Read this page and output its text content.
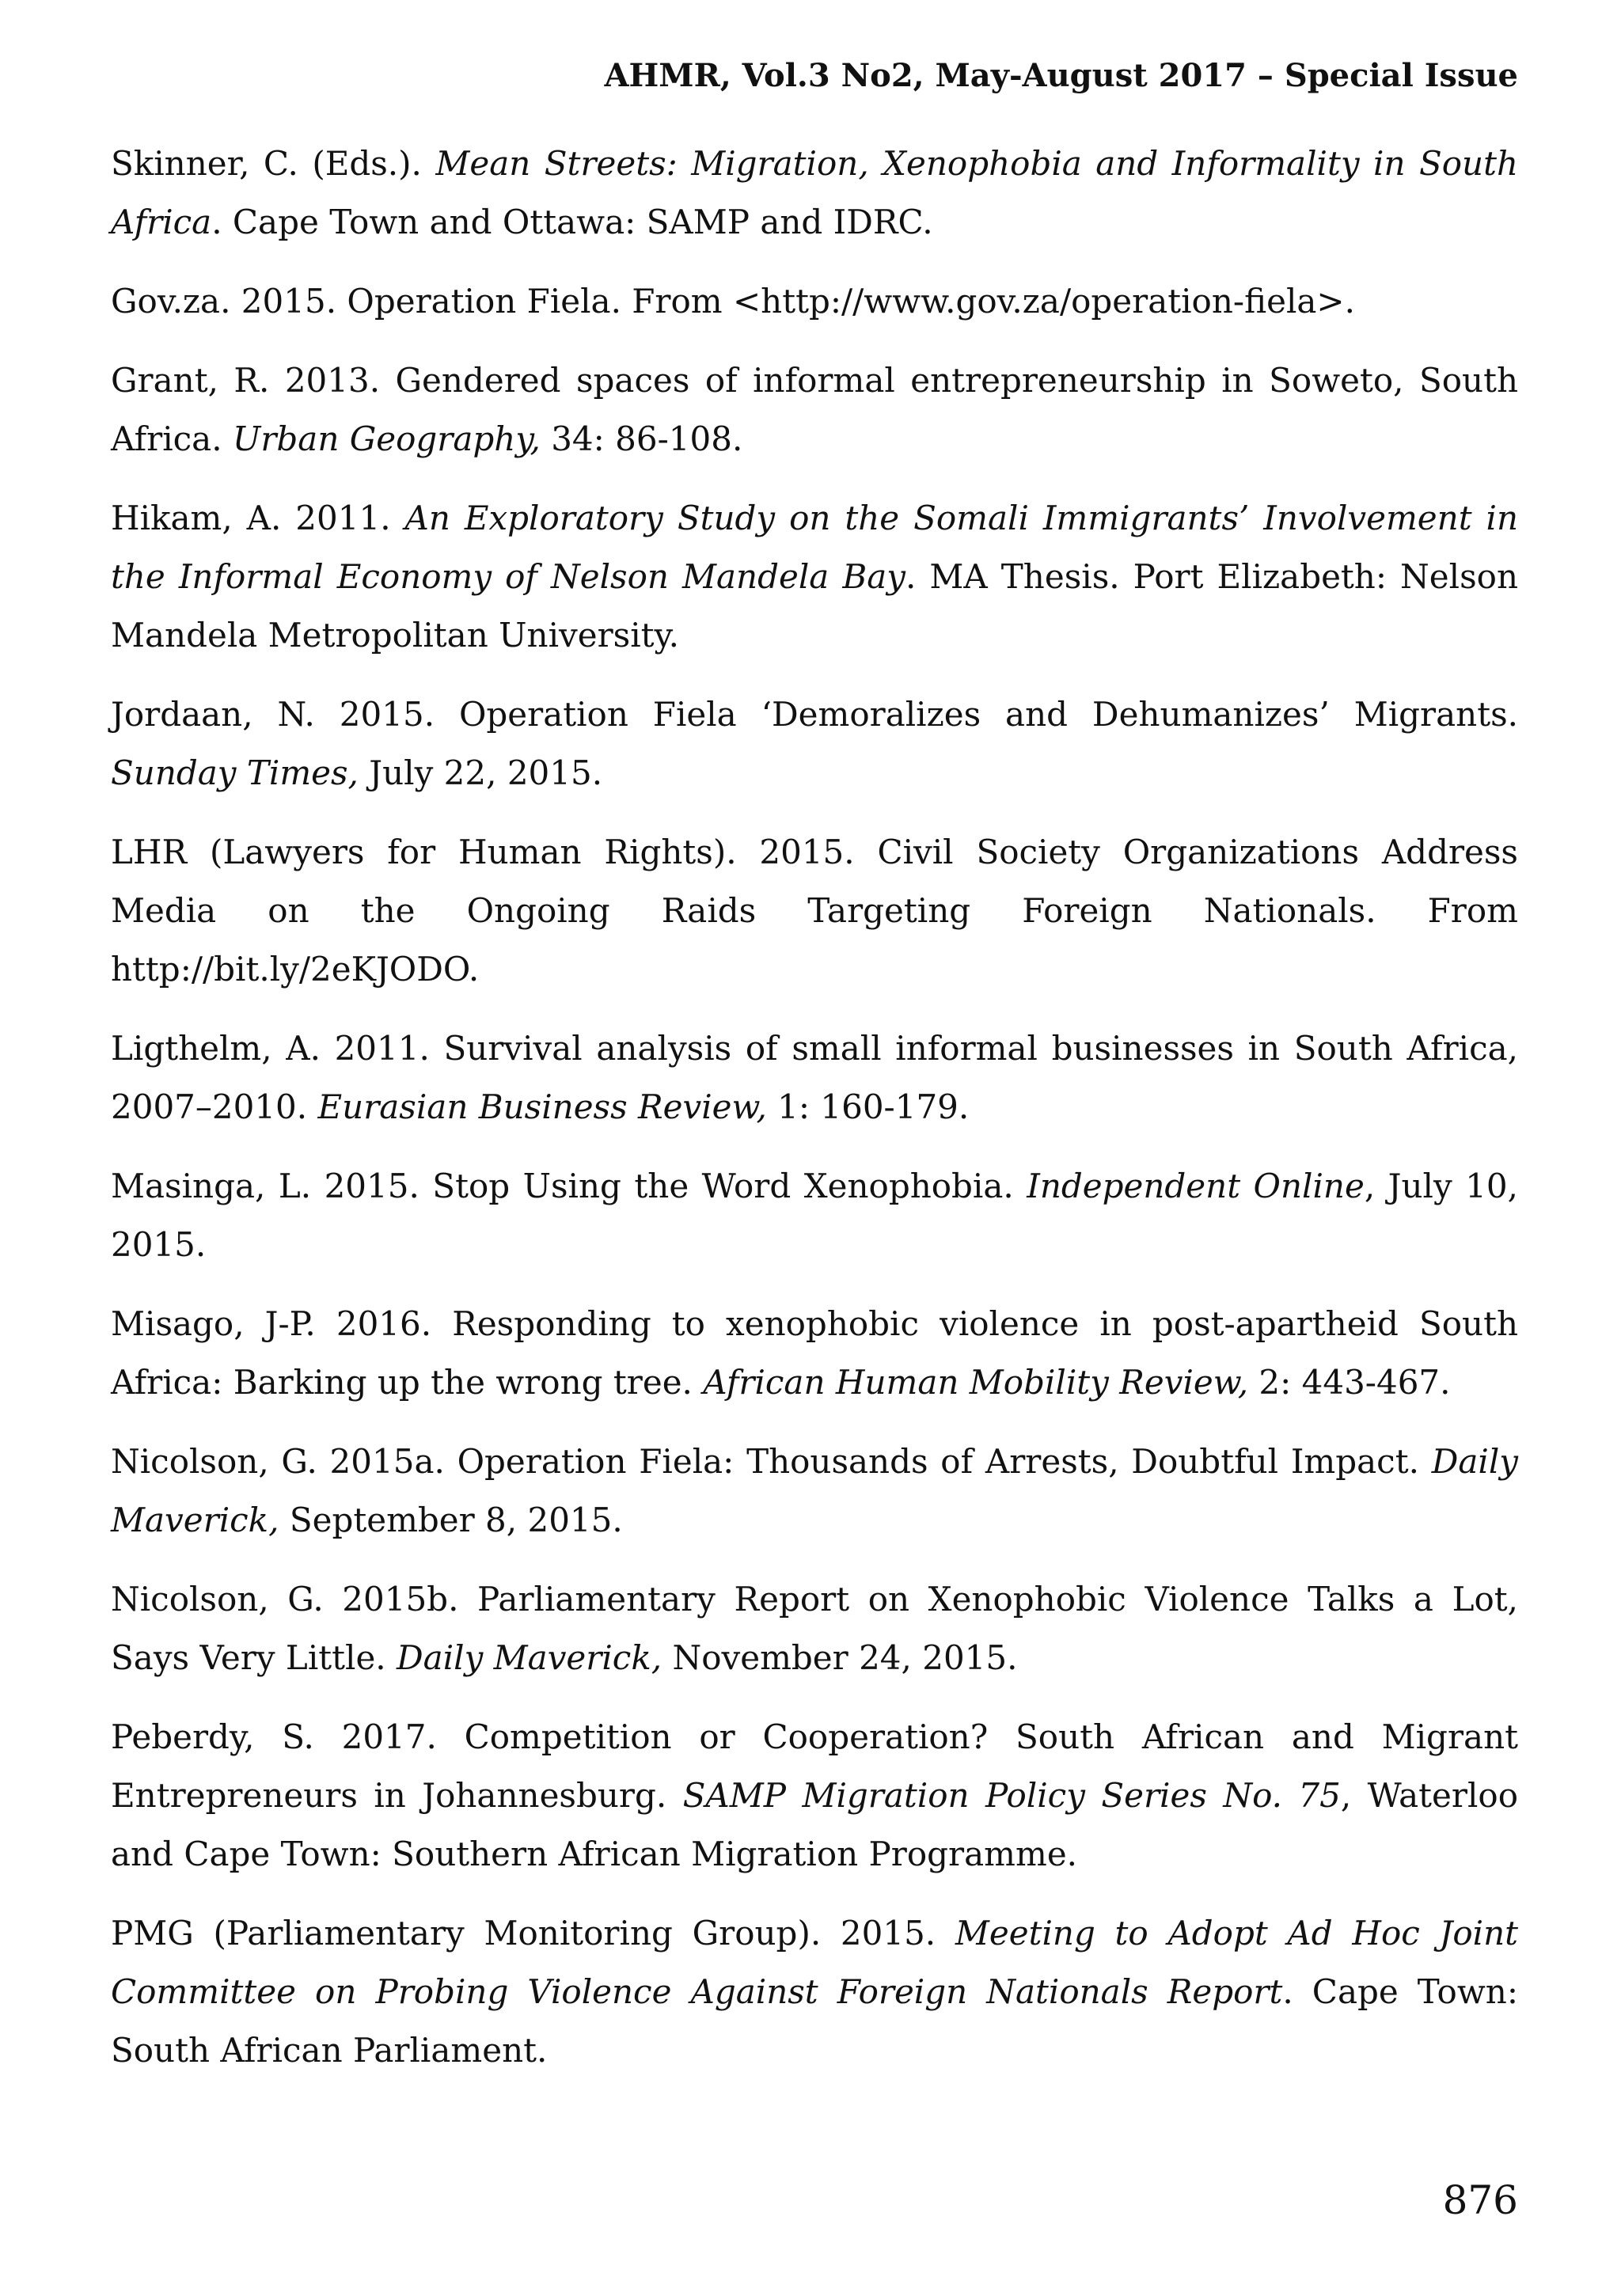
AHMR, Vol.3 No2, May-August 2017 – Special Issue

Skinner, C. (Eds.). Mean Streets: Migration, Xenophobia and Informality in South Africa. Cape Town and Ottawa: SAMP and IDRC.

Gov.za. 2015. Operation Fiela. From <http://www.gov.za/operation-fiela>.

Grant, R. 2013. Gendered spaces of informal entrepreneurship in Soweto, South Africa. Urban Geography, 34: 86-108.

Hikam, A. 2011. An Exploratory Study on the Somali Immigrants’ Involvement in the Informal Economy of Nelson Mandela Bay. MA Thesis. Port Elizabeth: Nelson Mandela Metropolitan University.

Jordaan, N. 2015. Operation Fiela ‘Demoralizes and Dehumanizes’ Migrants. Sunday Times, July 22, 2015.

LHR (Lawyers for Human Rights). 2015. Civil Society Organizations Address Media on the Ongoing Raids Targeting Foreign Nationals. From http://bit.ly/2eKJODO.

Ligthelm, A. 2011. Survival analysis of small informal businesses in South Africa, 2007–2010. Eurasian Business Review, 1: 160-179.

Masinga, L. 2015. Stop Using the Word Xenophobia. Independent Online, July 10, 2015.

Misago, J-P. 2016. Responding to xenophobic violence in post-apartheid South Africa: Barking up the wrong tree. African Human Mobility Review, 2: 443-467.

Nicolson, G. 2015a. Operation Fiela: Thousands of Arrests, Doubtful Impact. Daily Maverick, September 8, 2015.

Nicolson, G. 2015b. Parliamentary Report on Xenophobic Violence Talks a Lot, Says Very Little. Daily Maverick, November 24, 2015.

Peberdy, S. 2017. Competition or Cooperation? South African and Migrant Entrepreneurs in Johannesburg. SAMP Migration Policy Series No. 75, Waterloo and Cape Town: Southern African Migration Programme.

PMG (Parliamentary Monitoring Group). 2015. Meeting to Adopt Ad Hoc Joint Committee on Probing Violence Against Foreign Nationals Report. Cape Town: South African Parliament.

876
